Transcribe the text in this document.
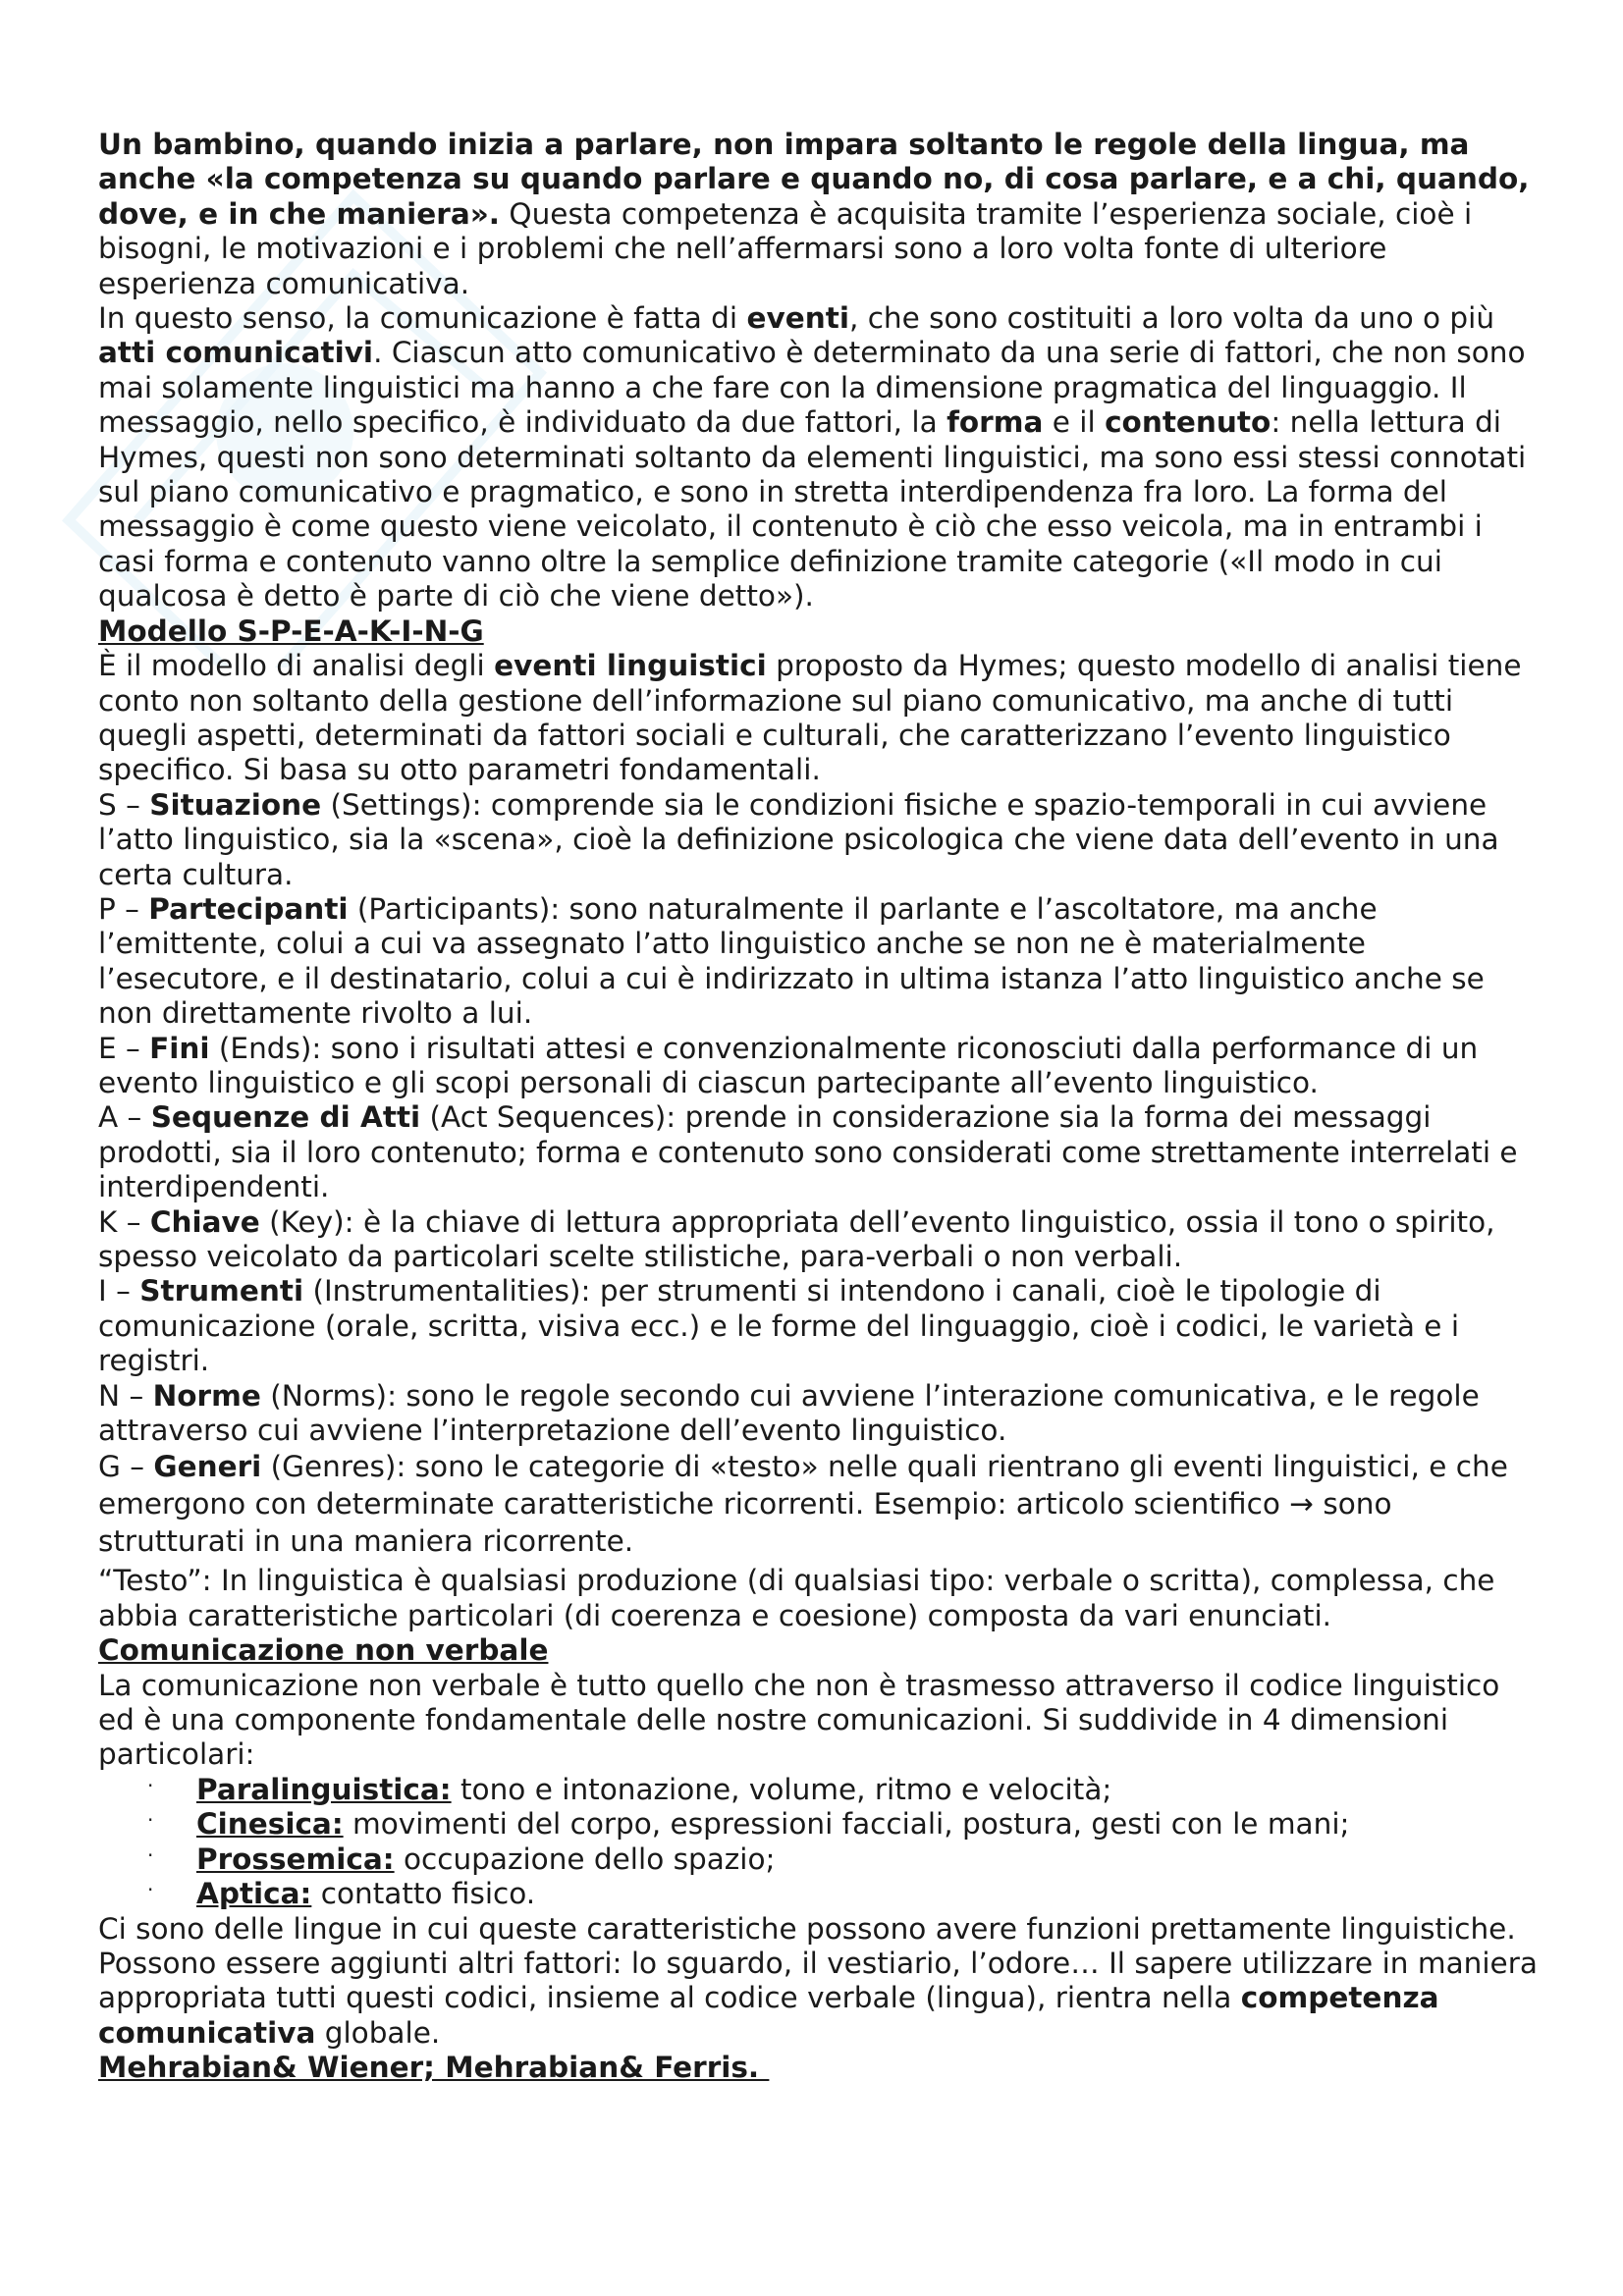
Un bambino, quando inizia a parlare, non impara soltanto le regole della lingua, ma anche «la competenza su quando parlare e quando no, di cosa parlare, e a chi, quando, dove, e in che maniera». Questa competenza è acquisita tramite l’esperienza sociale, cioè i bisogni, le motivazioni e i problemi che nell’affermarsi sono a loro volta fonte di ulteriore esperienza comunicativa.

In questo senso, la comunicazione è fatta di eventi, che sono costituiti a loro volta da uno o più atti comunicativi. Ciascun atto comunicativo è determinato da una serie di fattori, che non sono mai solamente linguistici ma hanno a che fare con la dimensione pragmatica del linguaggio. Il messaggio, nello specifico, è individuato da due fattori, la forma e il contenuto: nella lettura di Hymes, questi non sono determinati soltanto da elementi linguistici, ma sono essi stessi connotati sul piano comunicativo e pragmatico, e sono in stretta interdipendenza fra loro. La forma del messaggio è come questo viene veicolato, il contenuto è ciò che esso veicola, ma in entrambi i casi forma e contenuto vanno oltre la semplice definizione tramite categorie («Il modo in cui qualcosa è detto è parte di ciò che viene detto»).

Modello S-P-E-A-K-I-N-G

È il modello di analisi degli eventi linguistici proposto da Hymes; questo modello di analisi tiene conto non soltanto della gestione dell’informazione sul piano comunicativo, ma anche di tutti quegli aspetti, determinati da fattori sociali e culturali, che caratterizzano l’evento linguistico specifico. Si basa su otto parametri fondamentali.

S – Situazione (Settings): comprende sia le condizioni fisiche e spazio-temporali in cui avviene l’atto linguistico, sia la «scena», cioè la definizione psicologica che viene data dell’evento in una certa cultura.

P – Partecipanti (Participants): sono naturalmente il parlante e l’ascoltatore, ma anche l’emittente, colui a cui va assegnato l’atto linguistico anche se non ne è materialmente l’esecutore, e il destinatario, colui a cui è indirizzato in ultima istanza l’atto linguistico anche se non direttamente rivolto a lui.

E – Fini (Ends): sono i risultati attesi e convenzionalmente riconosciuti dalla performance di un evento linguistico e gli scopi personali di ciascun partecipante all’evento linguistico.

A – Sequenze di Atti (Act Sequences): prende in considerazione sia la forma dei messaggi prodotti, sia il loro contenuto; forma e contenuto sono considerati come strettamente interrelati e interdipendenti.

K – Chiave (Key): è la chiave di lettura appropriata dell’evento linguistico, ossia il tono o spirito, spesso veicolato da particolari scelte stilistiche, para-verbali o non verbali.

I – Strumenti (Instrumentalities): per strumenti si intendono i canali, cioè le tipologie di comunicazione (orale, scritta, visiva ecc.) e le forme del linguaggio, cioè i codici, le varietà e i registri.

N – Norme (Norms): sono le regole secondo cui avviene l’interazione comunicativa, e le regole attraverso cui avviene l’interpretazione dell’evento linguistico.

G – Generi (Genres): sono le categorie di «testo» nelle quali rientrano gli eventi linguistici, e che emergono con determinate caratteristiche ricorrenti. Esempio: articolo scientifico → sono strutturati in una maniera ricorrente.

“Testo”: In linguistica è qualsiasi produzione (di qualsiasi tipo: verbale o scritta), complessa, che abbia caratteristiche particolari (di coerenza e coesione) composta da vari enunciati.

Comunicazione non verbale

La comunicazione non verbale è tutto quello che non è trasmesso attraverso il codice linguistico ed è una componente fondamentale delle nostre comunicazioni. Si suddivide in 4 dimensioni particolari:

· Paralinguistica: tono e intonazione, volume, ritmo e velocità;
· Cinesica: movimenti del corpo, espressioni facciali, postura, gesti con le mani;
· Prossemica: occupazione dello spazio;
· Aptica: contatto fisico.

Ci sono delle lingue in cui queste caratteristiche possono avere funzioni prettamente linguistiche.

Possono essere aggiunti altri fattori: lo sguardo, il vestiario, l’odore… Il sapere utilizzare in maniera appropriata tutti questi codici, insieme al codice verbale (lingua), rientra nella competenza comunicativa globale.

Mehrabian& Wiener; Mehrabian& Ferris.
